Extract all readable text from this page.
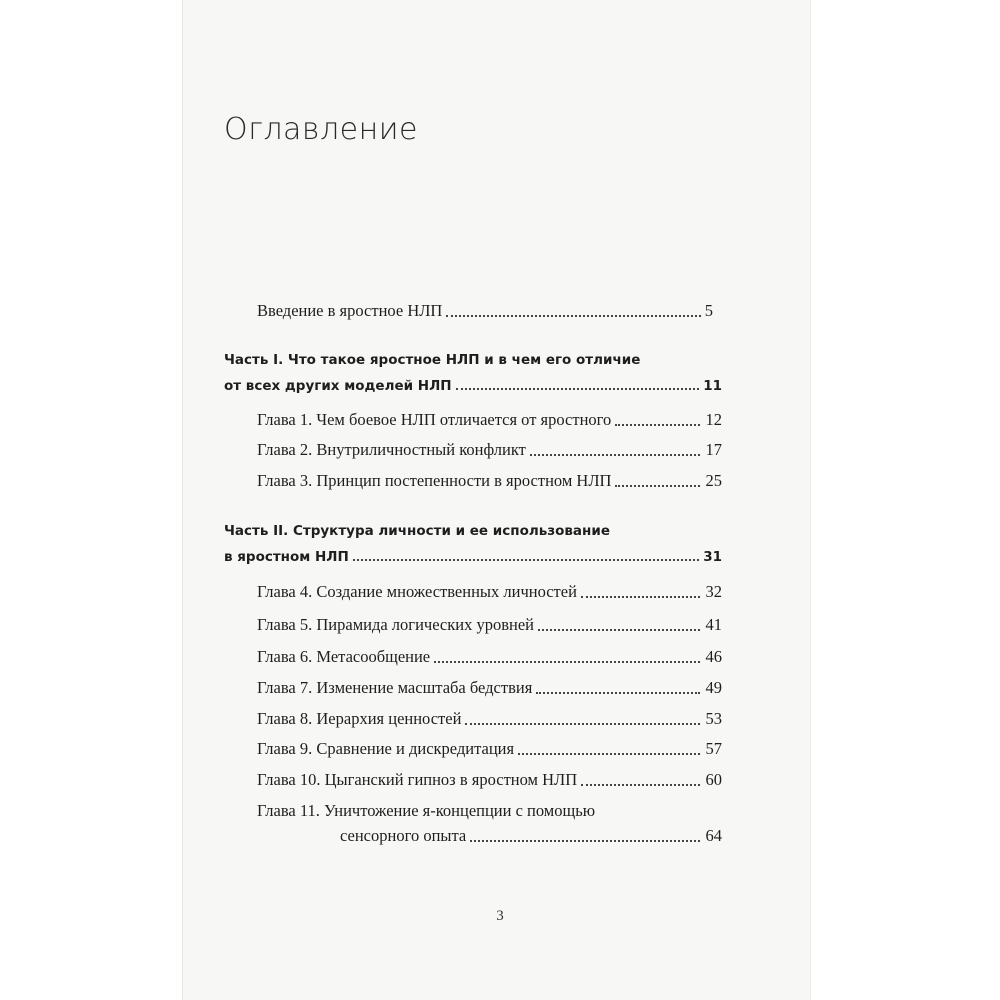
Оглавление
Введение в яростное НЛП	5
Часть I. Что такое яростное НЛП и в чем его отличие
от всех других моделей НЛП	11
Глава 1. Чем боевое НЛП отличается от яростного	12
Глава 2. Внутриличностный конфликт	17
Глава 3. Принцип постепенности в яростном НЛП	25
Часть II. Структура личности и ее использование
в яростном НЛП	31
Глава 4. Создание множественных личностей	32
Глава 5. Пирамида логических уровней	41
Глава 6. Метасообщение	46
Глава 7. Изменение масштаба бедствия	49
Глава 8. Иерархия ценностей	53
Глава 9. Сравнение и дискредитация	57
Глава 10. Цыганский гипноз в яростном НЛП	60
Глава 11. Уничтожение я-концепции с помощью
сенсорного опыта	64
3
